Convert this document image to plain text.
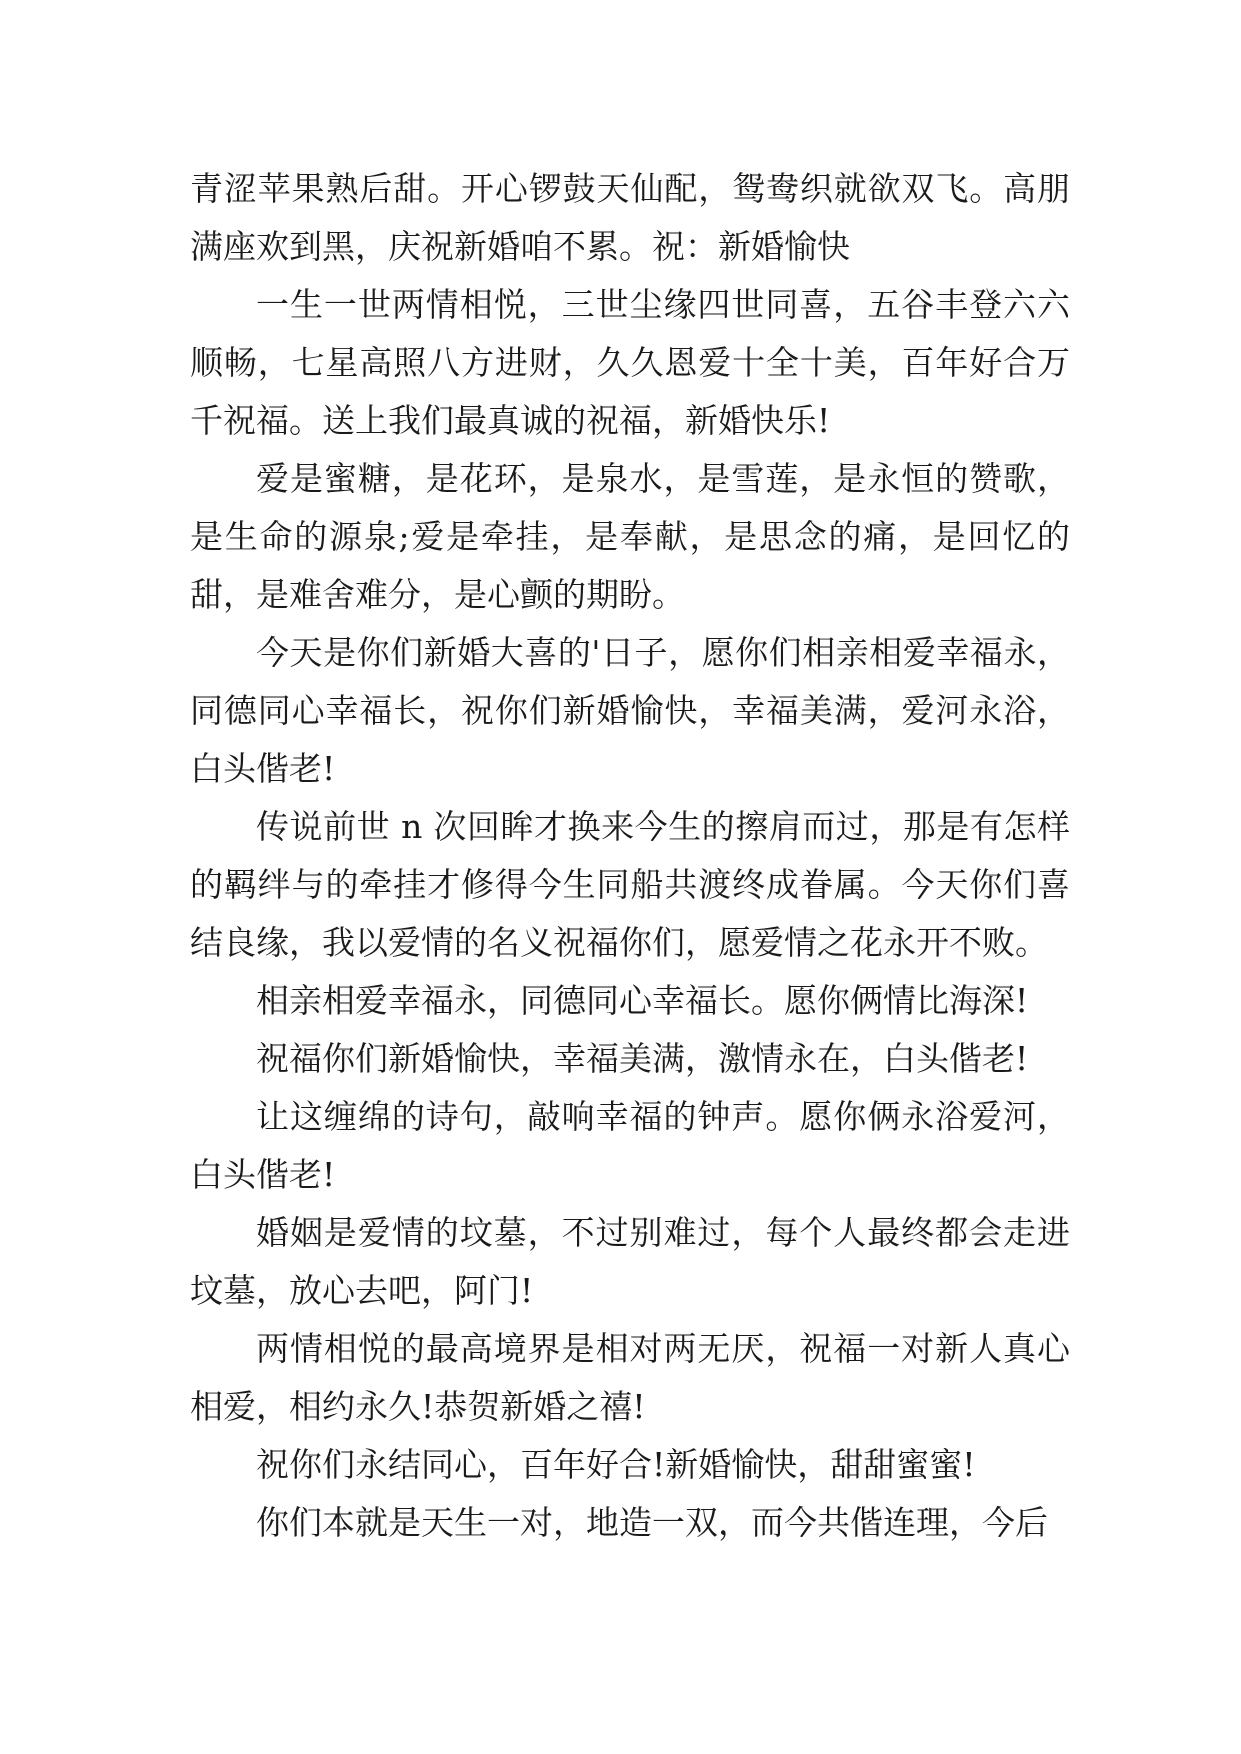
青涩苹果熟后甜。开心锣鼓天仙配，鸳鸯织就欲双飞。高朋满座欢到黑，庆祝新婚咱不累。祝：新婚愉快

一生一世两情相悦，三世尘缘四世同喜，五谷丰登六六顺畅，七星高照八方进财，久久恩爱十全十美，百年好合万千祝福。送上我们最真诚的祝福，新婚快乐!

爱是蜜糖，是花环，是泉水，是雪莲，是永恒的赞歌，是生命的源泉;爱是牵挂，是奉献，是思念的痛，是回忆的甜，是难舍难分，是心颤的期盼。

今天是你们新婚大喜的'日子，愿你们相亲相爱幸福永，同德同心幸福长，祝你们新婚愉快，幸福美满，爱河永浴，白头偕老!

传说前世 n 次回眸才换来今生的擦肩而过，那是有怎样的羁绊与的牵挂才修得今生同船共渡终成眷属。今天你们喜结良缘，我以爱情的名义祝福你们，愿爱情之花永开不败。

相亲相爱幸福永，同德同心幸福长。愿你俩情比海深!

祝福你们新婚愉快，幸福美满，激情永在，白头偕老!

让这缠绵的诗句，敲响幸福的钟声。愿你俩永浴爱河，白头偕老!

婚姻是爱情的坟墓，不过别难过，每个人最终都会走进坟墓，放心去吧，阿门!

两情相悦的最高境界是相对两无厌，祝福一对新人真心相爱，相约永久!恭贺新婚之禧!

祝你们永结同心，百年好合!新婚愉快，甜甜蜜蜜!

你们本就是天生一对，地造一双，而今共偕连理，今后
